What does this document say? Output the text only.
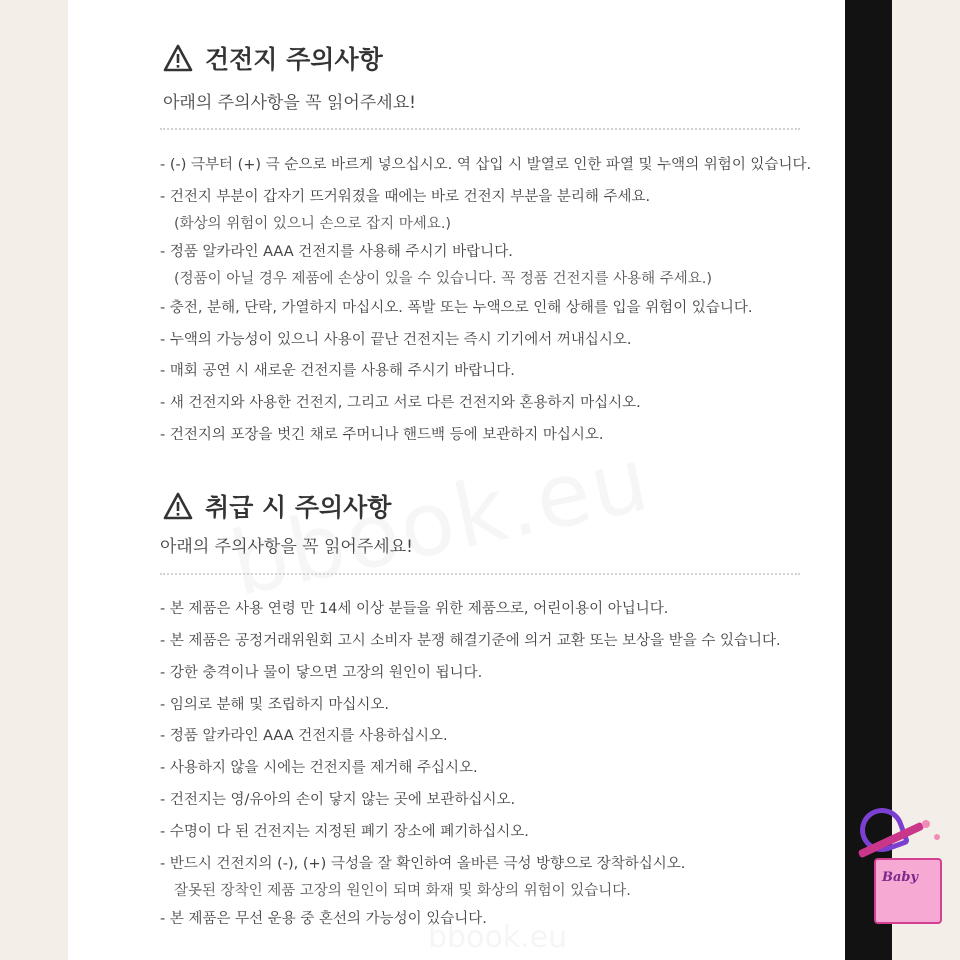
건전지 주의사항
아래의 주의사항을 꼭 읽어주세요!
- (-) 극부터 (+) 극 순으로 바르게 넣으십시오. 역 삽입 시 발열로 인한 파열 및 누액의 위험이 있습니다.
- 건전지 부분이 갑자기 뜨거워졌을 때에는 바로 건전지 부분을 분리해 주세요.
(화상의 위험이 있으니 손으로 잡지 마세요.)
- 정품 알카라인 AAA 건전지를 사용해 주시기 바랍니다.
(정품이 아닐 경우 제품에 손상이 있을 수 있습니다. 꼭 정품 건전지를 사용해 주세요.)
- 충전, 분해, 단락, 가열하지 마십시오. 폭발 또는 누액으로 인해 상해를 입을 위험이 있습니다.
- 누액의 가능성이 있으니 사용이 끝난 건전지는 즉시 기기에서 꺼내십시오.
- 매회 공연 시 새로운 건전지를 사용해 주시기 바랍니다.
- 새 건전지와 사용한 건전지, 그리고 서로 다른 건전지와 혼용하지 마십시오.
- 건전지의 포장을 벗긴 채로 주머니나 핸드백 등에 보관하지 마십시오.
취급 시 주의사항
아래의 주의사항을 꼭 읽어주세요!
- 본 제품은 사용 연령 만 14세 이상 분들을 위한 제품으로, 어린이용이 아닙니다.
- 본 제품은 공정거래위원회 고시 소비자 분쟁 해결기준에 의거 교환 또는 보상을 받을 수 있습니다.
- 강한 충격이나 물이 닿으면 고장의 원인이 됩니다.
- 임의로 분해 및 조립하지 마십시오.
- 정품 알카라인 AAA 건전지를 사용하십시오.
- 사용하지 않을 시에는 건전지를 제거해 주십시오.
- 건전지는 영/유아의 손이 닿지 않는 곳에 보관하십시오.
- 수명이 다 된 건전지는 지정된 폐기 장소에 폐기하십시오.
- 반드시 건전지의 (-), (+) 극성을 잘 확인하여 올바른 극성 방향으로 장착하십시오.
잘못된 장착인 제품 고장의 원인이 되며 화재 및 화상의 위험이 있습니다.
- 본 제품은 무선 운용 중 혼선의 가능성이 있습니다.
Baby
